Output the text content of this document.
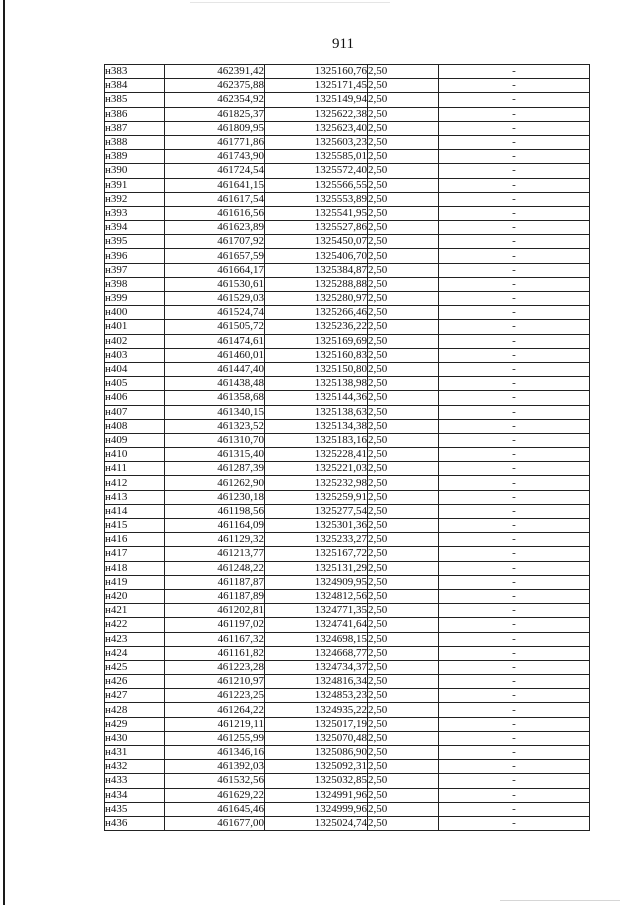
911
н383	462391,42	1325160,76	2,50	-
н384	462375,88	1325171,45	2,50	-
н385	462354,92	1325149,94	2,50	-
н386	461825,37	1325622,38	2,50	-
н387	461809,95	1325623,40	2,50	-
н388	461771,86	1325603,23	2,50	-
н389	461743,90	1325585,01	2,50	-
н390	461724,54	1325572,40	2,50	-
н391	461641,15	1325566,55	2,50	-
н392	461617,54	1325553,89	2,50	-
н393	461616,56	1325541,95	2,50	-
н394	461623,89	1325527,86	2,50	-
н395	461707,92	1325450,07	2,50	-
н396	461657,59	1325406,70	2,50	-
н397	461664,17	1325384,87	2,50	-
н398	461530,61	1325288,88	2,50	-
н399	461529,03	1325280,97	2,50	-
н400	461524,74	1325266,46	2,50	-
н401	461505,72	1325236,22	2,50	-
н402	461474,61	1325169,69	2,50	-
н403	461460,01	1325160,83	2,50	-
н404	461447,40	1325150,80	2,50	-
н405	461438,48	1325138,98	2,50	-
н406	461358,68	1325144,36	2,50	-
н407	461340,15	1325138,63	2,50	-
н408	461323,52	1325134,38	2,50	-
н409	461310,70	1325183,16	2,50	-
н410	461315,40	1325228,41	2,50	-
н411	461287,39	1325221,03	2,50	-
н412	461262,90	1325232,98	2,50	-
н413	461230,18	1325259,91	2,50	-
н414	461198,56	1325277,54	2,50	-
н415	461164,09	1325301,36	2,50	-
н416	461129,32	1325233,27	2,50	-
н417	461213,77	1325167,72	2,50	-
н418	461248,22	1325131,29	2,50	-
н419	461187,87	1324909,95	2,50	-
н420	461187,89	1324812,56	2,50	-
н421	461202,81	1324771,35	2,50	-
н422	461197,02	1324741,64	2,50	-
н423	461167,32	1324698,15	2,50	-
н424	461161,82	1324668,77	2,50	-
н425	461223,28	1324734,37	2,50	-
н426	461210,97	1324816,34	2,50	-
н427	461223,25	1324853,23	2,50	-
н428	461264,22	1324935,22	2,50	-
н429	461219,11	1325017,19	2,50	-
н430	461255,99	1325070,48	2,50	-
н431	461346,16	1325086,90	2,50	-
н432	461392,03	1325092,31	2,50	-
н433	461532,56	1325032,85	2,50	-
н434	461629,22	1324991,96	2,50	-
н435	461645,46	1324999,96	2,50	-
н436	461677,00	1325024,74	2,50	-
